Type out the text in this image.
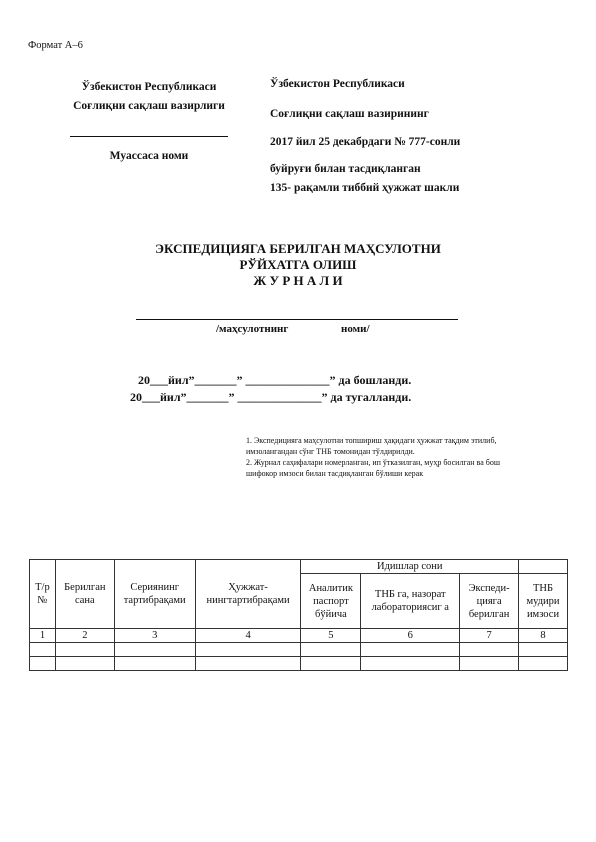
Формат А–6
Ўзбекистон Республикаси
Соғлиқни сақлаш вазирлиги
Муассаса номи
Ўзбекистон Республикаси
Соғлиқни сақлаш вазирининг
2017 йил 25 декабрдаги № 777-сонли
буйруғи билан тасдиқланган
135- рақамли тиббий ҳужжат шакли
ЭКСПЕДИЦИЯГА БЕРИЛГАН МАҲСУЛОТНИ
РЎЙХАТГА ОЛИШ
Ж У Р Н А Л И
/маҳсулотнинг	номи/
20___йил”_______” ______________” да бошланди.
20___йил”_______” ______________” да тугалланди.
1. Экспедицияга маҳсулотни топшириш ҳақидаги ҳужжат тақдим этилиб, имзолангандан сўнг ТНБ томонидан тўлдирилди.
2. Журнал саҳифалари номерланган, ип ўтказилган, муҳр босилган ва бош шифокор имзоси билан тасдиқланган бўлиши керак
Т/р №	Берилган сана	Сериянинг тартибрақами	Ҳужжат-нингтартибрақами	Идишлар сони			
				Аналитик паспорт бўйича	ТНБ га, назорат лабораториясиг а	Экспеди-цияга берилган	ТНБ мудири имзоси
1	2	3	4	5	6	7	8
